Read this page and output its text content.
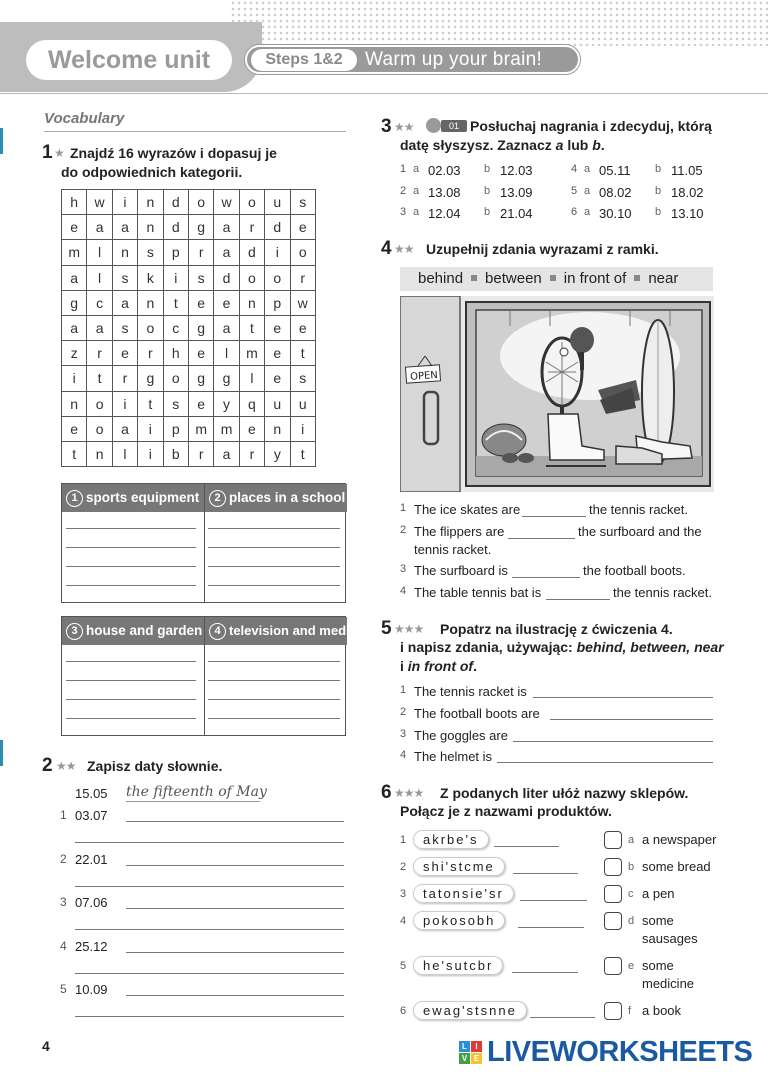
Welcome unit	Steps 1&2	Warm up your brain!
Vocabulary
1 ★ Znajdź 16 wyrazów i dopasuj je
do odpowiednich kategorii.
h	w	i	n	d	o	w	o	u	s
e	a	a	n	d	g	a	r	d	e
m	l	n	s	p	r	a	d	i	o
a	l	s	k	i	s	d	o	o	r
g	c	a	n	t	e	e	n	p	w
a	a	s	o	c	g	a	t	e	e
z	r	e	r	h	e	l	m	e	t
i	t	r	g	o	g	g	l	e	s
n	o	i	t	s	e	y	q	u	u
e	o	a	i	p	m	m	e	n	i
t	n	l	i	b	r	a	r	y	t
1 sports equipment	2 places in a school
3 house and garden	4 television and media
2 ★★ Zapisz daty słownie.
15.05 the fifteenth of May
1 03.07
2 22.01
3 07.06
4 25.12
5 10.09
3 ★★	01 Posłuchaj nagrania i zdecyduj, którą
datę słyszysz. Zaznacz a lub b.
1 a 02.03 b 12.03
2 a 13.08 b 13.09
3 a 12.04 b 21.04
4 a 05.11 b 11.05
5 a 08.02 b 18.02
6 a 30.10 b 13.10
4 ★★ Uzupełnij zdania wyrazami z ramki.
behind between in front of near
OPEN
1 The ice skates are	the tennis racket.
2 The flippers are	the surfboard and the
tennis racket.
3 The surfboard is	the football boots.
4 The table tennis bat is	the tennis racket.
5 ★★★ Popatrz na ilustrację z ćwiczenia 4.
i napisz zdania, używając: behind, between, near
i in front of.
1 The tennis racket is
2 The football boots are
3 The goggles are
4 The helmet is
6 ★★★ Z podanych liter ułóż nazwy sklepów.
Połącz je z nazwami produktów.
1	akrbe's	a a newspaper
2	shi'stcme	b some bread
3	tatonsie'sr	c a pen
4	pokosobh	d some
sausages
5	he'sutcbr	e some
medicine
6	ewag'stsnne	f a book
4	L	I
V E LIVEWORKSHEETS
